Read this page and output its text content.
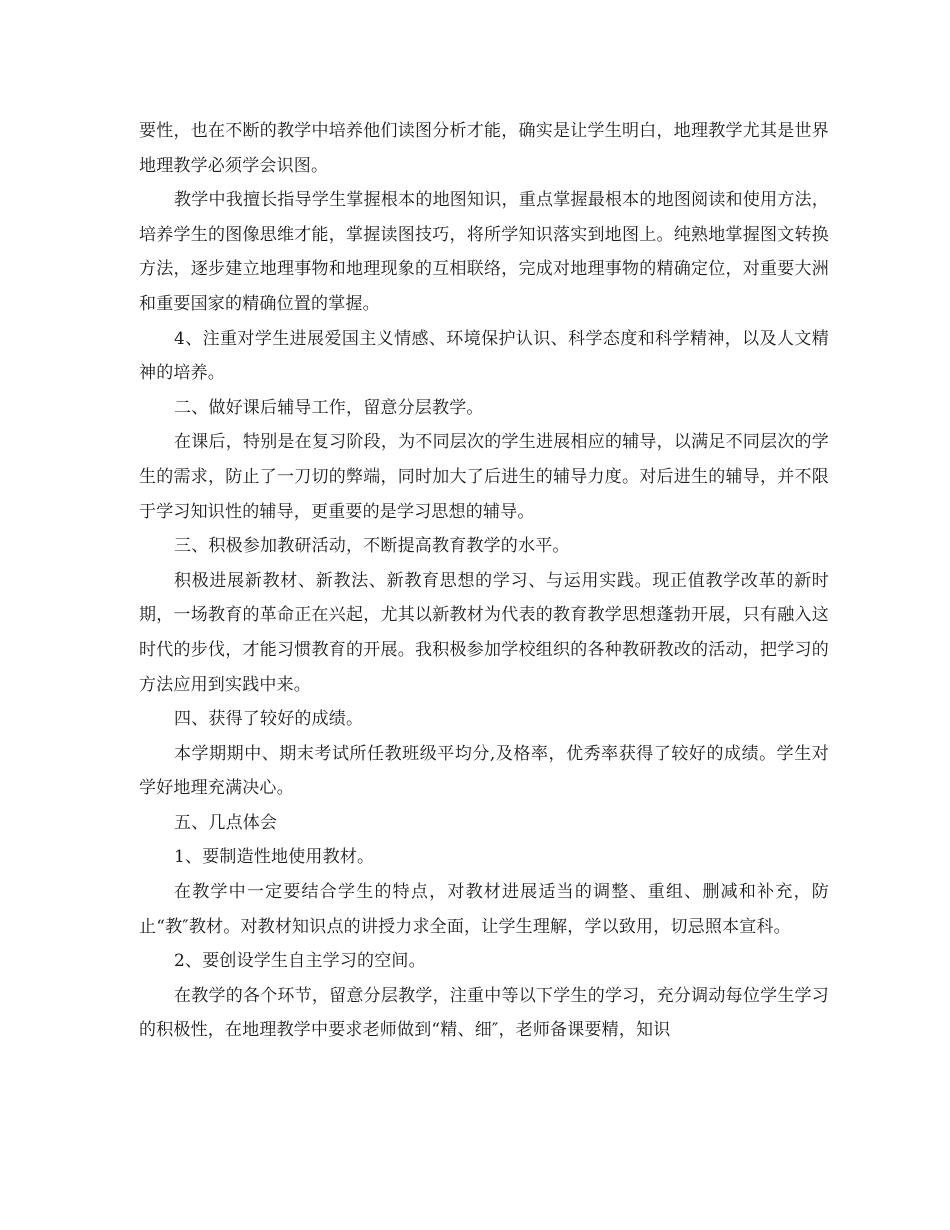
要性，也在不断的教学中培养他们读图分析才能，确实是让学生明白，地理教学尤其是世界地理教学必须学会识图。

教学中我擅长指导学生掌握根本的地图知识，重点掌握最根本的地图阅读和使用方法，培养学生的图像思维才能，掌握读图技巧，将所学知识落实到地图上。纯熟地掌握图文转换方法，逐步建立地理事物和地理现象的互相联络，完成对地理事物的精确定位，对重要大洲和重要国家的精确位置的掌握。

4、注重对学生进展爱国主义情感、环境保护认识、科学态度和科学精神，以及人文精神的培养。

二、做好课后辅导工作，留意分层教学。

在课后，特别是在复习阶段，为不同层次的学生进展相应的辅导，以满足不同层次的学生的需求，防止了一刀切的弊端，同时加大了后进生的辅导力度。对后进生的辅导，并不限于学习知识性的辅导，更重要的是学习思想的辅导。

三、积极参加教研活动，不断提高教育教学的水平。

积极进展新教材、新教法、新教育思想的学习、与运用实践。现正值教学改革的新时期，一场教育的革命正在兴起，尤其以新教材为代表的教育教学思想蓬勃开展，只有融入这时代的步伐，才能习惯教育的开展。我积极参加学校组织的各种教研教改的活动，把学习的方法应用到实践中来。

四、获得了较好的成绩。

本学期期中、期末考试所任教班级平均分,及格率，优秀率获得了较好的成绩。学生对学好地理充满决心。

五、几点体会

1、要制造性地使用教材。

在教学中一定要结合学生的特点，对教材进展适当的调整、重组、删减和补充，防止“教″教材。对教材知识点的讲授力求全面，让学生理解，学以致用，切忌照本宣科。

2、要创设学生自主学习的空间。

在教学的各个环节，留意分层教学，注重中等以下学生的学习，充分调动每位学生学习的积极性，在地理教学中要求老师做到“精、细″，老师备课要精，知识
